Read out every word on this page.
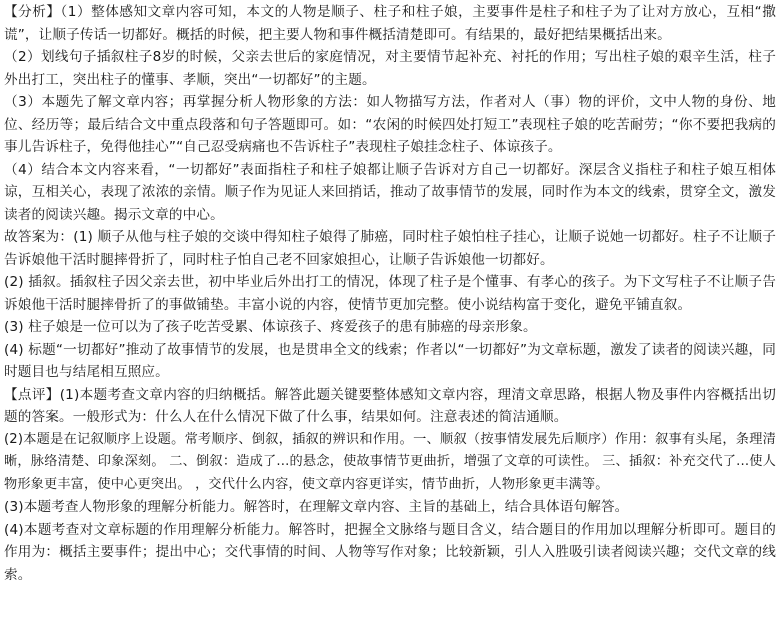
【分析】（1）整体感知文章内容可知，本文的人物是顺子、柱子和柱子娘，主要事件是柱子和柱子为了让对方放心，互相“撒谎”，让顺子传话一切都好。概括的时候，把主要人物和事件概括清楚即可。有结果的，最好把结果概括出来。

（2）划线句子插叙柱子8岁的时候，父亲去世后的家庭情况，对主要情节起补充、衬托的作用；写出柱子娘的艰辛生活，柱子外出打工，突出柱子的懂事、孝顺，突出“一切都好”的主题。

（3）本题先了解文章内容；再掌握分析人物形象的方法：如人物描写方法，作者对人（事）物的评价，文中人物的身份、地位、经历等；最后结合文中重点段落和句子答题即可。如：“农闲的时候四处打短工”表现柱子娘的吃苦耐劳；“你不要把我病的事儿告诉柱子，免得他挂心”“自己忍受病痛也不告诉柱子”表现柱子娘挂念柱子、体谅孩子。

（4）结合本文内容来看，“一切都好”表面指柱子和柱子娘都让顺子告诉对方自己一切都好。深层含义指柱子和柱子娘互相体谅，互相关心，表现了浓浓的亲情。顺子作为见证人来回捎话，推动了故事情节的发展，同时作为本文的线索，贯穿全文，激发读者的阅读兴趣。揭示文章的中心。

故答案为：(1) 顺子从他与柱子娘的交谈中得知柱子娘得了肺癌，同时柱子娘怕柱子挂心，让顺子说她一切都好。柱子不让顺子告诉娘他干活时腿摔骨折了，同时柱子怕自己老不回家娘担心，让顺子告诉娘他一切都好。

(2) 插叙。插叙柱子因父亲去世，初中毕业后外出打工的情况，体现了柱子是个懂事、有孝心的孩子。为下文写柱子不让顺子告诉娘他干活时腿摔骨折了的事做铺垫。丰富小说的内容，使情节更加完整。使小说结构富于变化，避免平铺直叙。

(3) 柱子娘是一位可以为了孩子吃苦受累、体谅孩子、疼爱孩子的患有肺癌的母亲形象。

(4) 标题“一切都好”推动了故事情节的发展，也是贯串全文的线索；作者以“一切都好”为文章标题，激发了读者的阅读兴趣，同时题目也与结尾相互照应。

【点评】(1)本题考查文章内容的归纳概括。解答此题关键要整体感知文章内容，理清文章思路，根据人物及事件内容概括出切题的答案。一般形式为：什么人在什么情况下做了什么事，结果如何。注意表述的简洁通顺。

(2)本题是在记叙顺序上设题。常考顺序、倒叙，插叙的辨识和作用。一、顺叙（按事情发展先后顺序）作用：叙事有头尾，条理清晰，脉络清楚、印象深刻。 二、倒叙：造成了...的悬念，使故事情节更曲折，增强了文章的可读性。 三、插叙：补充交代了...使人物形象更丰富，使中心更突出。 ，交代什么内容，使文章内容更详实，情节曲折，人物形象更丰满等。

(3)本题考查人物形象的理解分析能力。解答时，在理解文章内容、主旨的基础上，结合具体语句解答。

(4)本题考查对文章标题的作用理解分析能力。解答时，把握全文脉络与题目含义，结合题目的作用加以理解分析即可。题目的作用为：概括主要事件；提出中心；交代事情的时间、人物等写作对象；比较新颖，引人入胜吸引读者阅读兴趣；交代文章的线索。
